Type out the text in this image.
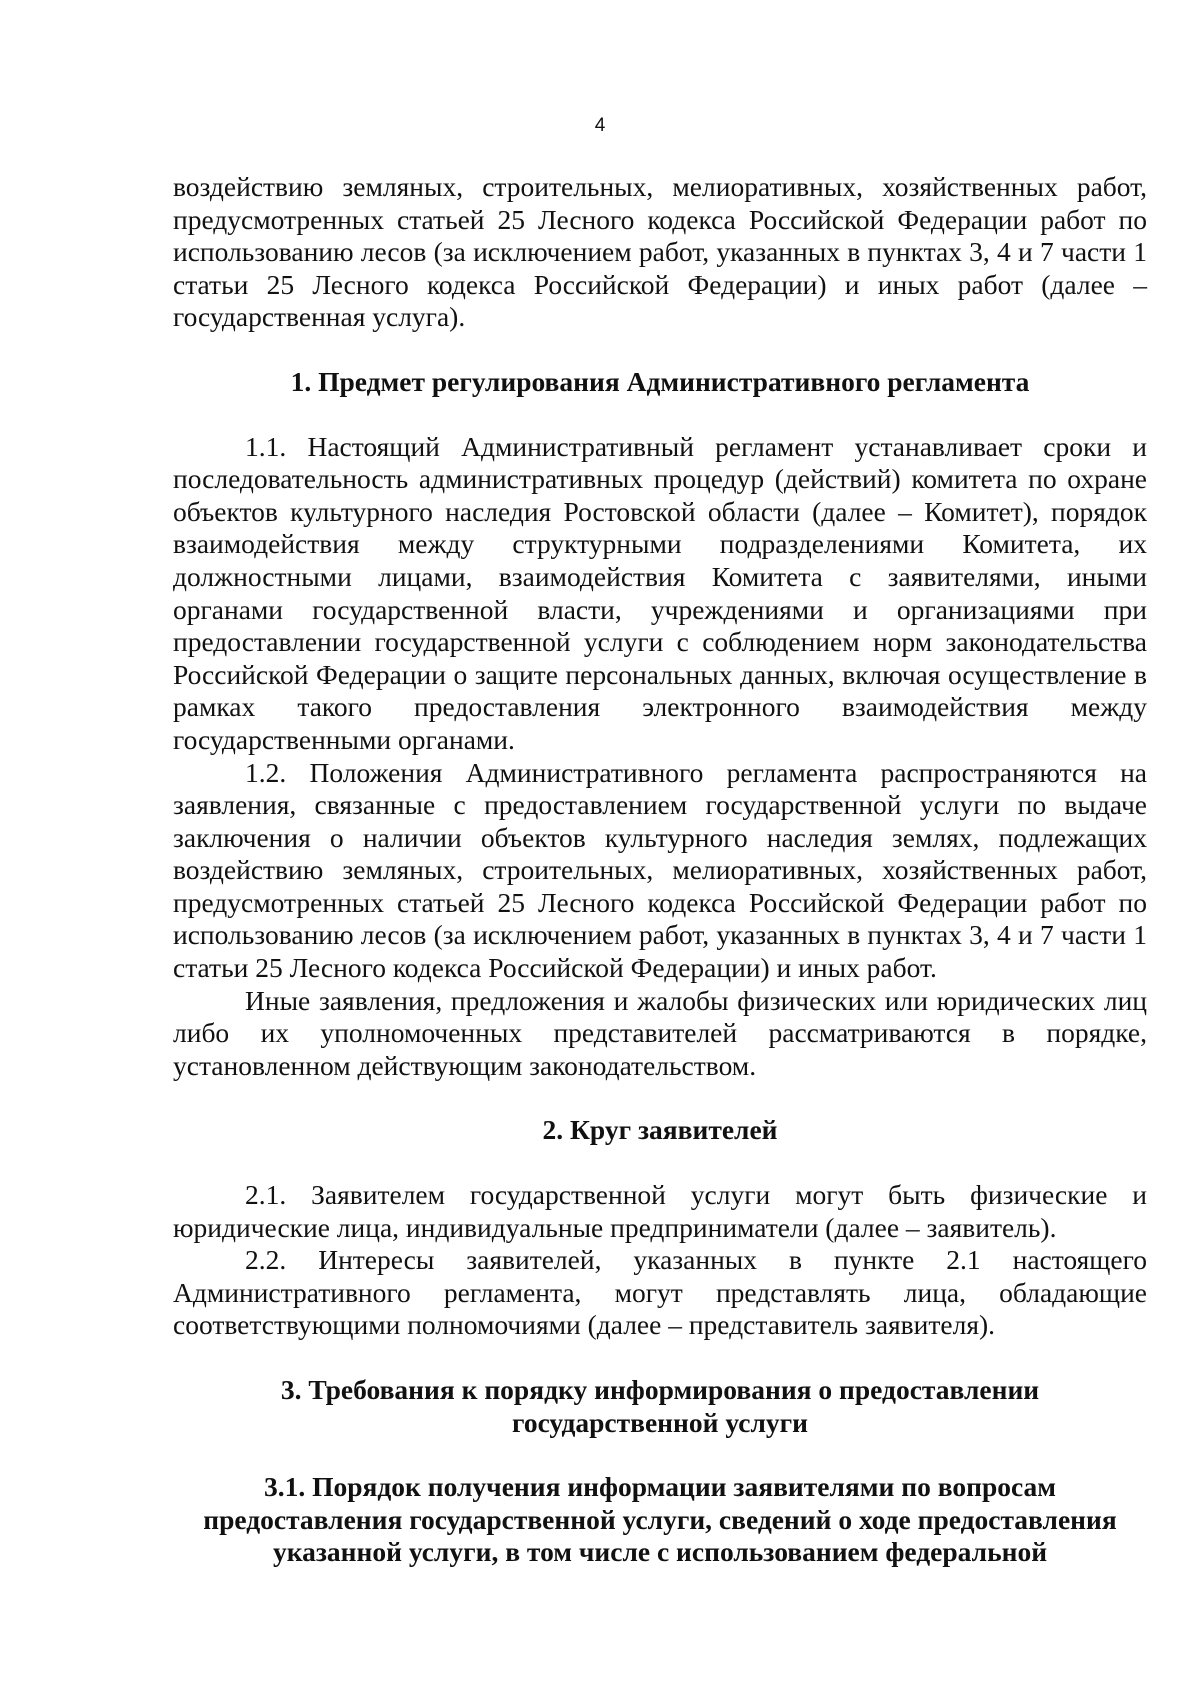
4

воздействию земляных, строительных, мелиоративных, хозяйственных работ, предусмотренных статьей 25 Лесного кодекса Российской Федерации работ по использованию лесов (за исключением работ, указанных в пунктах 3, 4 и 7 части 1 статьи 25 Лесного кодекса Российской Федерации) и иных работ (далее – государственная услуга).

1. Предмет регулирования Административного регламента

1.1. Настоящий Административный регламент устанавливает сроки и последовательность административных процедур (действий) комитета по охране объектов культурного наследия Ростовской области (далее – Комитет), порядок взаимодействия между структурными подразделениями Комитета, их должностными лицами, взаимодействия Комитета с заявителями, иными органами государственной власти, учреждениями и организациями при предоставлении государственной услуги с соблюдением норм законодательства Российской Федерации о защите персональных данных, включая осуществление в рамках такого предоставления электронного взаимодействия между государственными органами.

1.2. Положения Административного регламента распространяются на заявления, связанные с предоставлением государственной услуги по выдаче заключения о наличии объектов культурного наследия землях, подлежащих воздействию земляных, строительных, мелиоративных, хозяйственных работ, предусмотренных статьей 25 Лесного кодекса Российской Федерации работ по использованию лесов (за исключением работ, указанных в пунктах 3, 4 и 7 части 1 статьи 25 Лесного кодекса Российской Федерации) и иных работ.

Иные заявления, предложения и жалобы физических или юридических лиц либо их уполномоченных представителей рассматриваются в порядке, установленном действующим законодательством.

2. Круг заявителей

2.1. Заявителем государственной услуги могут быть физические и юридические лица, индивидуальные предприниматели (далее – заявитель).

2.2. Интересы заявителей, указанных в пункте 2.1 настоящего Административного регламента, могут представлять лица, обладающие соответствующими полномочиями (далее – представитель заявителя).

3. Требования к порядку информирования о предоставлении
государственной услуги
3.1. Порядок получения информации заявителями по вопросам
предоставления государственной услуги, сведений о ходе предоставления
указанной услуги, в том числе с использованием федеральной
